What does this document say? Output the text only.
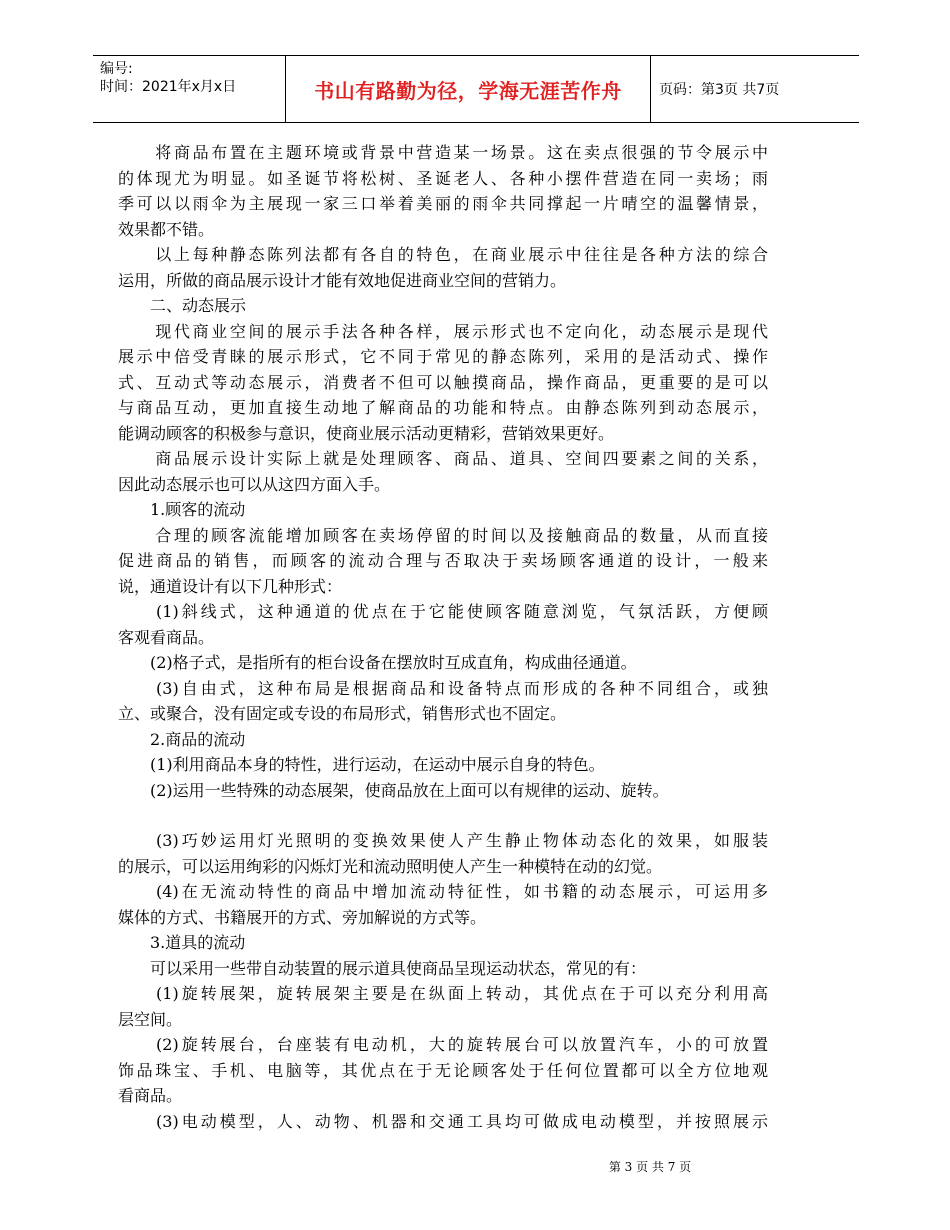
编号:
时间：2021年x月x日	书山有路勤为径，学海无涯苦作舟	页码：第3页 共7页
　　将商品布置在主题环境或背景中营造某一场景。这在卖点很强的节令展示中
的体现尤为明显。如圣诞节将松树、圣诞老人、各种小摆件营造在同一卖场；雨
季可以以雨伞为主展现一家三口举着美丽的雨伞共同撑起一片晴空的温馨情景，
效果都不错。
　　以上每种静态陈列法都有各自的特色，在商业展示中往往是各种方法的综合
运用，所做的商品展示设计才能有效地促进商业空间的营销力。
　　二、动态展示
　　现代商业空间的展示手法各种各样，展示形式也不定向化，动态展示是现代
展示中倍受青睐的展示形式，它不同于常见的静态陈列，采用的是活动式、操作
式、互动式等动态展示，消费者不但可以触摸商品，操作商品，更重要的是可以
与商品互动，更加直接生动地了解商品的功能和特点。由静态陈列到动态展示，
能调动顾客的积极参与意识，使商业展示活动更精彩，营销效果更好。
　　商品展示设计实际上就是处理顾客、商品、道具、空间四要素之间的关系，
因此动态展示也可以从这四方面入手。
　　1.顾客的流动
　　合理的顾客流能增加顾客在卖场停留的时间以及接触商品的数量，从而直接
促进商品的销售，而顾客的流动合理与否取决于卖场顾客通道的设计，一般来
说，通道设计有以下几种形式：
　　(1)斜线式，这种通道的优点在于它能使顾客随意浏览，气氛活跃，方便顾
客观看商品。
　　(2)格子式，是指所有的柜台设备在摆放时互成直角，构成曲径通道。
　　(3)自由式，这种布局是根据商品和设备特点而形成的各种不同组合，或独
立、或聚合，没有固定或专设的布局形式，销售形式也不固定。
　　2.商品的流动
　　(1)利用商品本身的特性，进行运动，在运动中展示自身的特色。
　　(2)运用一些特殊的动态展架，使商品放在上面可以有规律的运动、旋转。
　　(3)巧妙运用灯光照明的变换效果使人产生静止物体动态化的效果，如服装
的展示，可以运用绚彩的闪烁灯光和流动照明使人产生一种模特在动的幻觉。
　　(4)在无流动特性的商品中增加流动特征性，如书籍的动态展示，可运用多
媒体的方式、书籍展开的方式、旁加解说的方式等。
　　3.道具的流动
　　可以采用一些带自动装置的展示道具使商品呈现运动状态，常见的有：
　　(1)旋转展架，旋转展架主要是在纵面上转动，其优点在于可以充分利用高
层空间。
　　(2)旋转展台，台座装有电动机，大的旋转展台可以放置汽车，小的可放置
饰品珠宝、手机、电脑等，其优点在于无论顾客处于任何位置都可以全方位地观
看商品。
　　(3)电动模型，人、动物、机器和交通工具均可做成电动模型，并按照展示
第 3 页 共 7 页
